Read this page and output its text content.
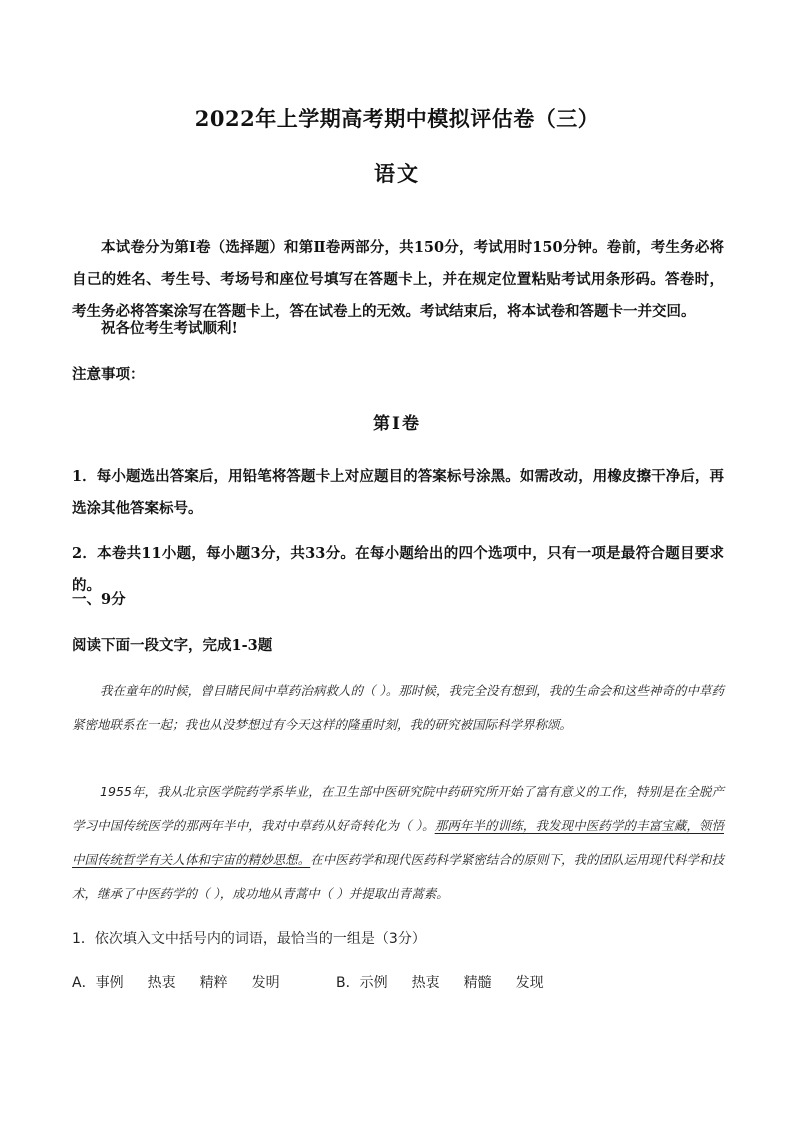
2022年上学期高考期中模拟评估卷（三）
语文
本试卷分为第Ⅰ卷（选择题）和第Ⅱ卷两部分，共150分，考试用时150分钟。卷前，考生务必将自己的姓名、考生号、考场号和座位号填写在答题卡上，并在规定位置粘贴考试用条形码。答卷时，考生务必将答案涂写在答题卡上，答在试卷上的无效。考试结束后，将本试卷和答题卡一并交回。
祝各位考生考试顺利!
注意事项：
第Ⅰ卷
1．每小题选出答案后，用铅笔将答题卡上对应题目的答案标号涂黑。如需改动，用橡皮擦干净后，再选涂其他答案标号。
2．本卷共11小题，每小题3分，共33分。在每小题给出的四个选项中，只有一项是最符合题目要求的。
一、9分
阅读下面一段文字，完成1-3题

我在童年的时候，曾目睹民间中草药治病救人的（ ）。那时候，我完全没有想到，我的生命会和这些神奇的中草药紧密地联系在一起；我也从没梦想过有今天这样的隆重时刻，我的研究被国际科学界称颂。

1955年，我从北京医学院药学系毕业，在卫生部中医研究院中药研究所开始了富有意义的工作，特别是在全脱产学习中国传统医学的那两年半中，我对中草药从好奇转化为（ ）。那两年半的训练，我发现中医药学的丰富宝藏，领悟中国传统哲学有关人体和宇宙的精妙思想。在中医药学和现代医药科学紧密结合的原则下，我的团队运用现代科学和技术，继承了中医药学的（ ），成功地从青蒿中（ ）并提取出青蒿素。

1．依次填入文中括号内的词语，最恰当的一组是（3分）
A．事例 热衷 精粹 发明	B．示例 热衷 精髓 发现
